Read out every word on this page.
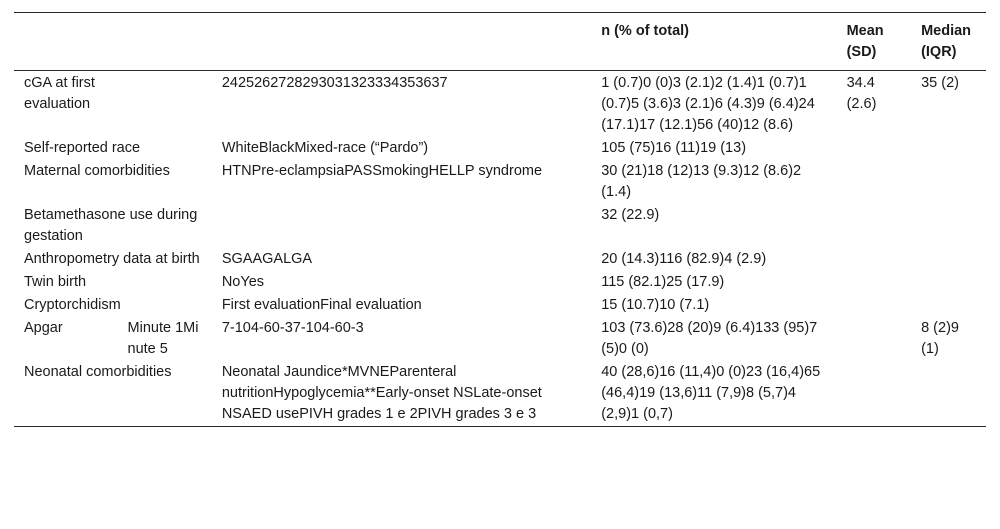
			n (% of total)	Mean (SD)	Median (IQR)
cGA at first evaluation		2425262728293031323334353637	1 (0.7)0 (0)3 (2.1)2 (1.4)1 (0.7)1 (0.7)5 (3.6)3 (2.1)6 (4.3)9 (6.4)24 (17.1)17 (12.1)56 (40)12 (8.6)	34.4 (2.6)	35 (2)
Self-reported race		WhiteBlackMixed-race (“Pardo”)	105 (75)16 (11)19 (13)		
Maternal comorbidities		HTNPre-eclampsiaPASSmokingHELLP syndrome	30 (21)18 (12)13 (9.3)12 (8.6)2 (1.4)		
Betamethasone use during gestation			32 (22.9)		
Anthropometry data at birth		SGAAGALGA	20 (14.3)116 (82.9)4 (2.9)		
Twin birth		NoYes	115 (82.1)25 (17.9)		
Cryptorchidism		First evaluationFinal evaluation	15 (10.7)10 (7.1)		
Apgar	Minute 1Minute 5	7-104-60-37-104-60-3	103 (73.6)28 (20)9 (6.4)133 (95)7 (5)0 (0)		8 (2)9 (1)
Neonatal comorbidities		Neonatal Jaundice*MVNEParenteral nutritionHypoglycemia**Early-onset NSLate-onset NSAED usePIVH grades 1 e 2PIVH grades 3 e 3	40 (28,6)16 (11,4)0 (0)23 (16,4)65 (46,4)19 (13,6)11 (7,9)8 (5,7)4 (2,9)1 (0,7)		
